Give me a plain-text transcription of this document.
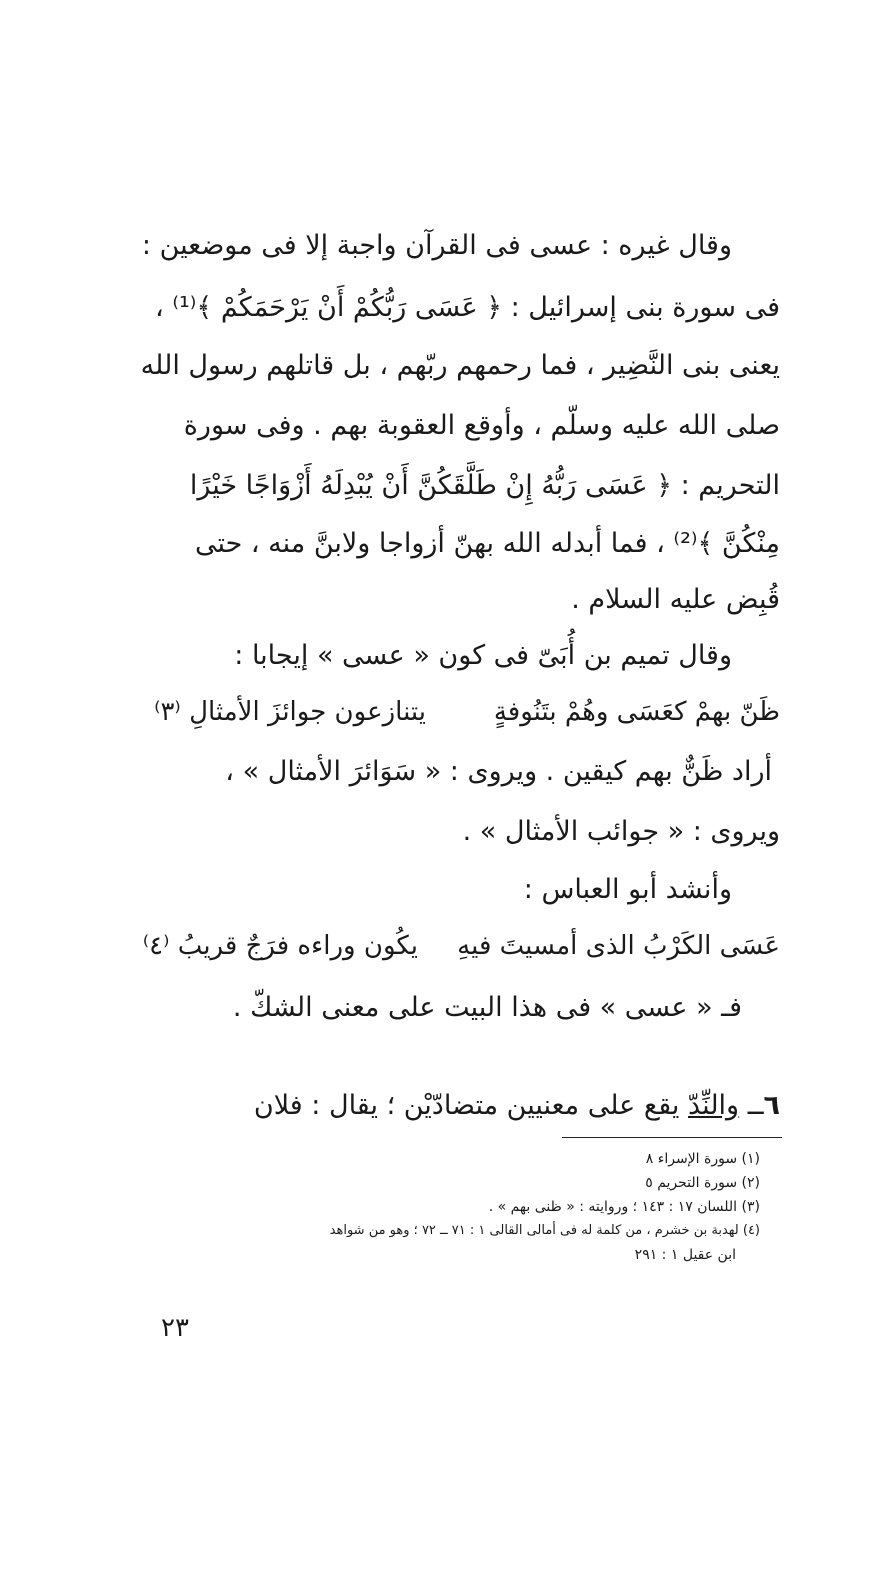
وقال غيره : عسى فى القرآن واجبة إلا فى موضعين :
فى سورة بنى إسرائيل : ﴿ عَسَى رَبُّكُمْ أَنْ يَرْحَمَكُمْ ﴾⁽¹⁾ ،
يعنى بنى النَّضِير ، فما رحمهم ربّهم ، بل قاتلهم رسول الله
صلى الله عليه وسلّم ، وأوقع العقوبة بهم . وفى سورة
التحريم : ﴿ عَسَى رَبُّهُ إِنْ طَلَّقَكُنَّ أَنْ يُبْدِلَهُ أَزْوَاجًا خَيْرًا
مِنْكُنَّ ﴾⁽²⁾ ، فما أبدله الله بهنّ أزواجا ولابنَّ منه ، حتى
قُبِض عليه السلام .
وقال تميم بن أُبَىّ فى كون « عسى » إيجابا :
ظَنّ بهمْ كعَسَى وهُمْ بتَنُوفةٍ
يتنازعون جوائزَ الأمثالِ ⁽٣⁾
أراد ظَنٌّ بهم كيقين . ويروى : « سَوَائرَ الأمثال » ،
ويروى : « جوائب الأمثال » .
وأنشد أبو العباس :
عَسَى الكَرْبُ الذى أمسيتَ فيهِ
يكُون وراءه فرَجٌ قريبُ ⁽٤⁾
فـ « عسى » فى هذا البيت على معنى الشكّ .
٦ــ والنِّدّ يقع على معنيين متضادّيْن ؛ يقال : فلان
(١) سورة الإسراء ٨
(٢) سورة التحريم ٥
(٣) اللسان ١٧ : ١٤٣ ؛ وروايته : « ظنى بهم » .
(٤) لهدبة بن خشرم ، من كلمة له فى أمالى القالى ١ : ٧١ ــ ٧٢ ؛ وهو من شواهد
ابن عقيل ١ : ٢٩١
٢٣
